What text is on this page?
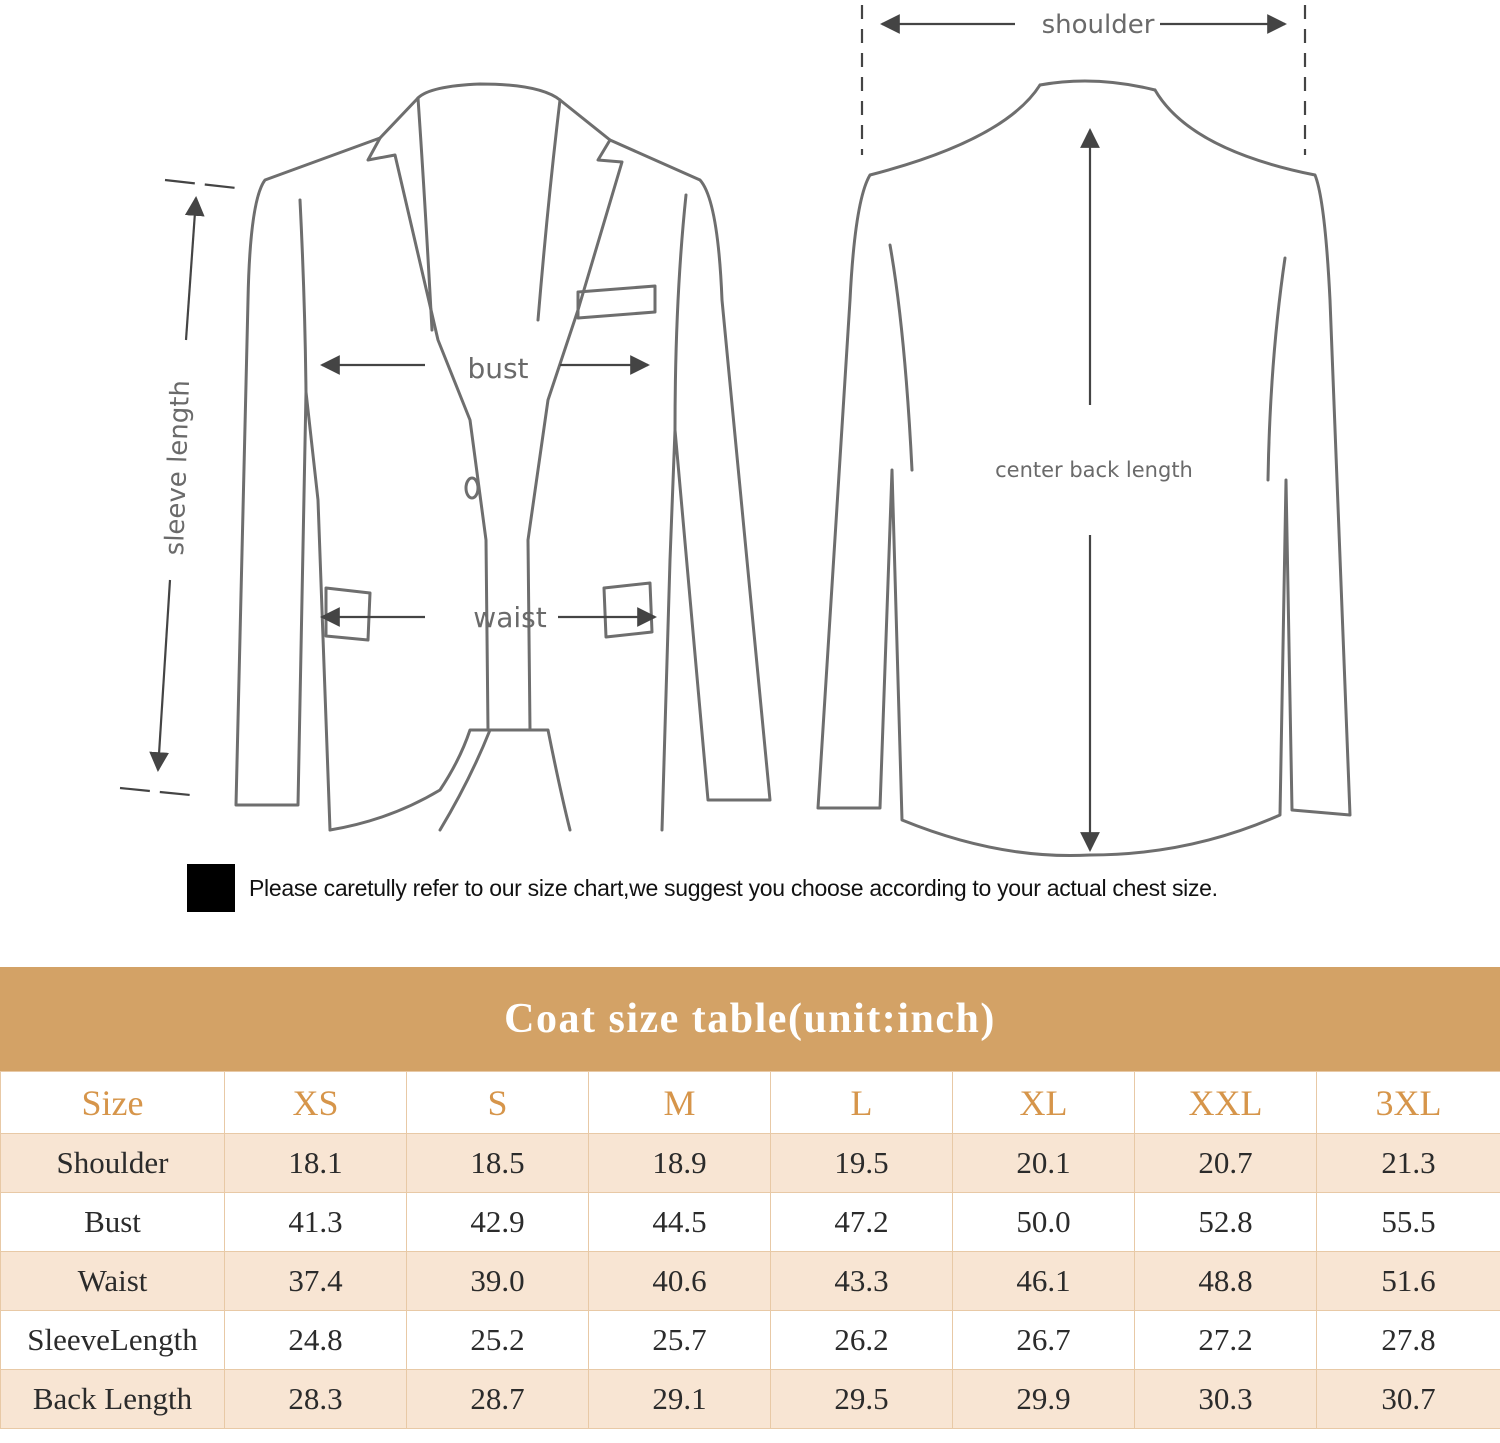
shoulder
bust
waist
sleeve length	center back length
Please caretully refer to our size chart,we suggest you choose according to your actual chest size.
Coat size table(unit:inch)
Size	XS	S	M	L	XL	XXL	3XL
Shoulder	18.1	18.5	18.9	19.5	20.1	20.7	21.3
Bust	41.3	42.9	44.5	47.2	50.0	52.8	55.5
Waist	37.4	39.0	40.6	43.3	46.1	48.8	51.6
SleeveLength	24.8	25.2	25.7	26.2	26.7	27.2	27.8
Back Length	28.3	28.7	29.1	29.5	29.9	30.3	30.7
